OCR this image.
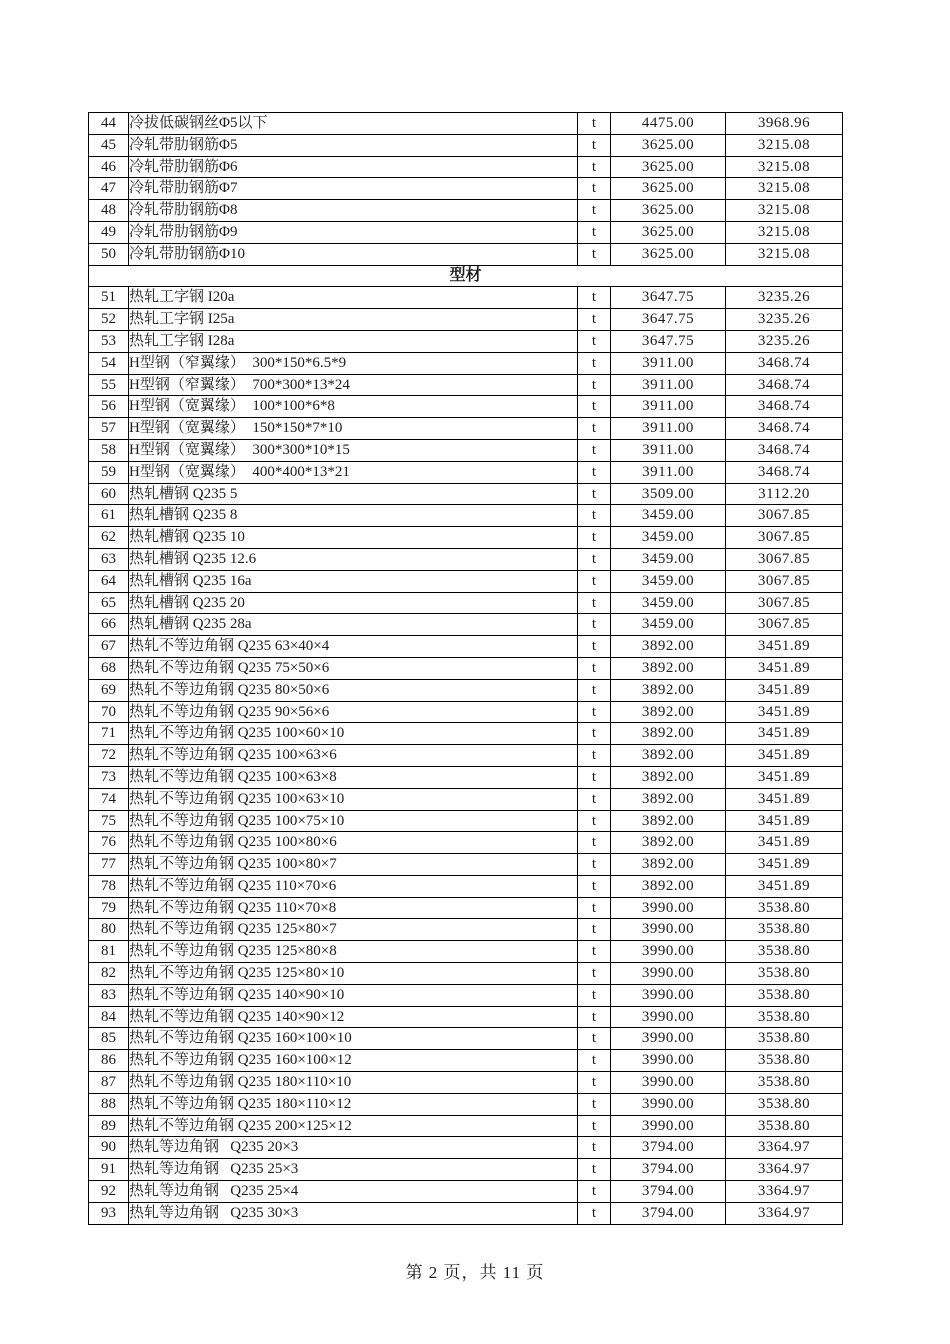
44	冷拔低碳钢丝Φ5以下	t	4475.00	3968.96
45	冷轧带肋钢筋Φ5	t	3625.00	3215.08
46	冷轧带肋钢筋Φ6	t	3625.00	3215.08
47	冷轧带肋钢筋Φ7	t	3625.00	3215.08
48	冷轧带肋钢筋Φ8	t	3625.00	3215.08
49	冷轧带肋钢筋Φ9	t	3625.00	3215.08
50	冷轧带肋钢筋Φ10	t	3625.00	3215.08
型材				
51	热轧工字钢 I20a	t	3647.75	3235.26
52	热轧工字钢 I25a	t	3647.75	3235.26
53	热轧工字钢 I28a	t	3647.75	3235.26
54	H型钢（窄翼缘）  300*150*6.5*9	t	3911.00	3468.74
55	H型钢（窄翼缘）  700*300*13*24	t	3911.00	3468.74
56	H型钢（宽翼缘）  100*100*6*8	t	3911.00	3468.74
57	H型钢（宽翼缘）  150*150*7*10	t	3911.00	3468.74
58	H型钢（宽翼缘）  300*300*10*15	t	3911.00	3468.74
59	H型钢（宽翼缘）  400*400*13*21	t	3911.00	3468.74
60	热轧槽钢 Q235 5	t	3509.00	3112.20
61	热轧槽钢 Q235 8	t	3459.00	3067.85
62	热轧槽钢 Q235 10	t	3459.00	3067.85
63	热轧槽钢 Q235 12.6	t	3459.00	3067.85
64	热轧槽钢 Q235 16a	t	3459.00	3067.85
65	热轧槽钢 Q235 20	t	3459.00	3067.85
66	热轧槽钢 Q235 28a	t	3459.00	3067.85
67	热轧不等边角钢 Q235 63×40×4	t	3892.00	3451.89
68	热轧不等边角钢 Q235 75×50×6	t	3892.00	3451.89
69	热轧不等边角钢 Q235 80×50×6	t	3892.00	3451.89
70	热轧不等边角钢 Q235 90×56×6	t	3892.00	3451.89
71	热轧不等边角钢 Q235 100×60×10	t	3892.00	3451.89
72	热轧不等边角钢 Q235 100×63×6	t	3892.00	3451.89
73	热轧不等边角钢 Q235 100×63×8	t	3892.00	3451.89
74	热轧不等边角钢 Q235 100×63×10	t	3892.00	3451.89
75	热轧不等边角钢 Q235 100×75×10	t	3892.00	3451.89
76	热轧不等边角钢 Q235 100×80×6	t	3892.00	3451.89
77	热轧不等边角钢 Q235 100×80×7	t	3892.00	3451.89
78	热轧不等边角钢 Q235 110×70×6	t	3892.00	3451.89
79	热轧不等边角钢 Q235 110×70×8	t	3990.00	3538.80
80	热轧不等边角钢 Q235 125×80×7	t	3990.00	3538.80
81	热轧不等边角钢 Q235 125×80×8	t	3990.00	3538.80
82	热轧不等边角钢 Q235 125×80×10	t	3990.00	3538.80
83	热轧不等边角钢 Q235 140×90×10	t	3990.00	3538.80
84	热轧不等边角钢 Q235 140×90×12	t	3990.00	3538.80
85	热轧不等边角钢 Q235 160×100×10	t	3990.00	3538.80
86	热轧不等边角钢 Q235 160×100×12	t	3990.00	3538.80
87	热轧不等边角钢 Q235 180×110×10	t	3990.00	3538.80
88	热轧不等边角钢 Q235 180×110×12	t	3990.00	3538.80
89	热轧不等边角钢 Q235 200×125×12	t	3990.00	3538.80
90	热轧等边角钢   Q235 20×3	t	3794.00	3364.97
91	热轧等边角钢   Q235 25×3	t	3794.00	3364.97
92	热轧等边角钢   Q235 25×4	t	3794.00	3364.97
93	热轧等边角钢   Q235 30×3	t	3794.00	3364.97
第 2 页，共 11 页
